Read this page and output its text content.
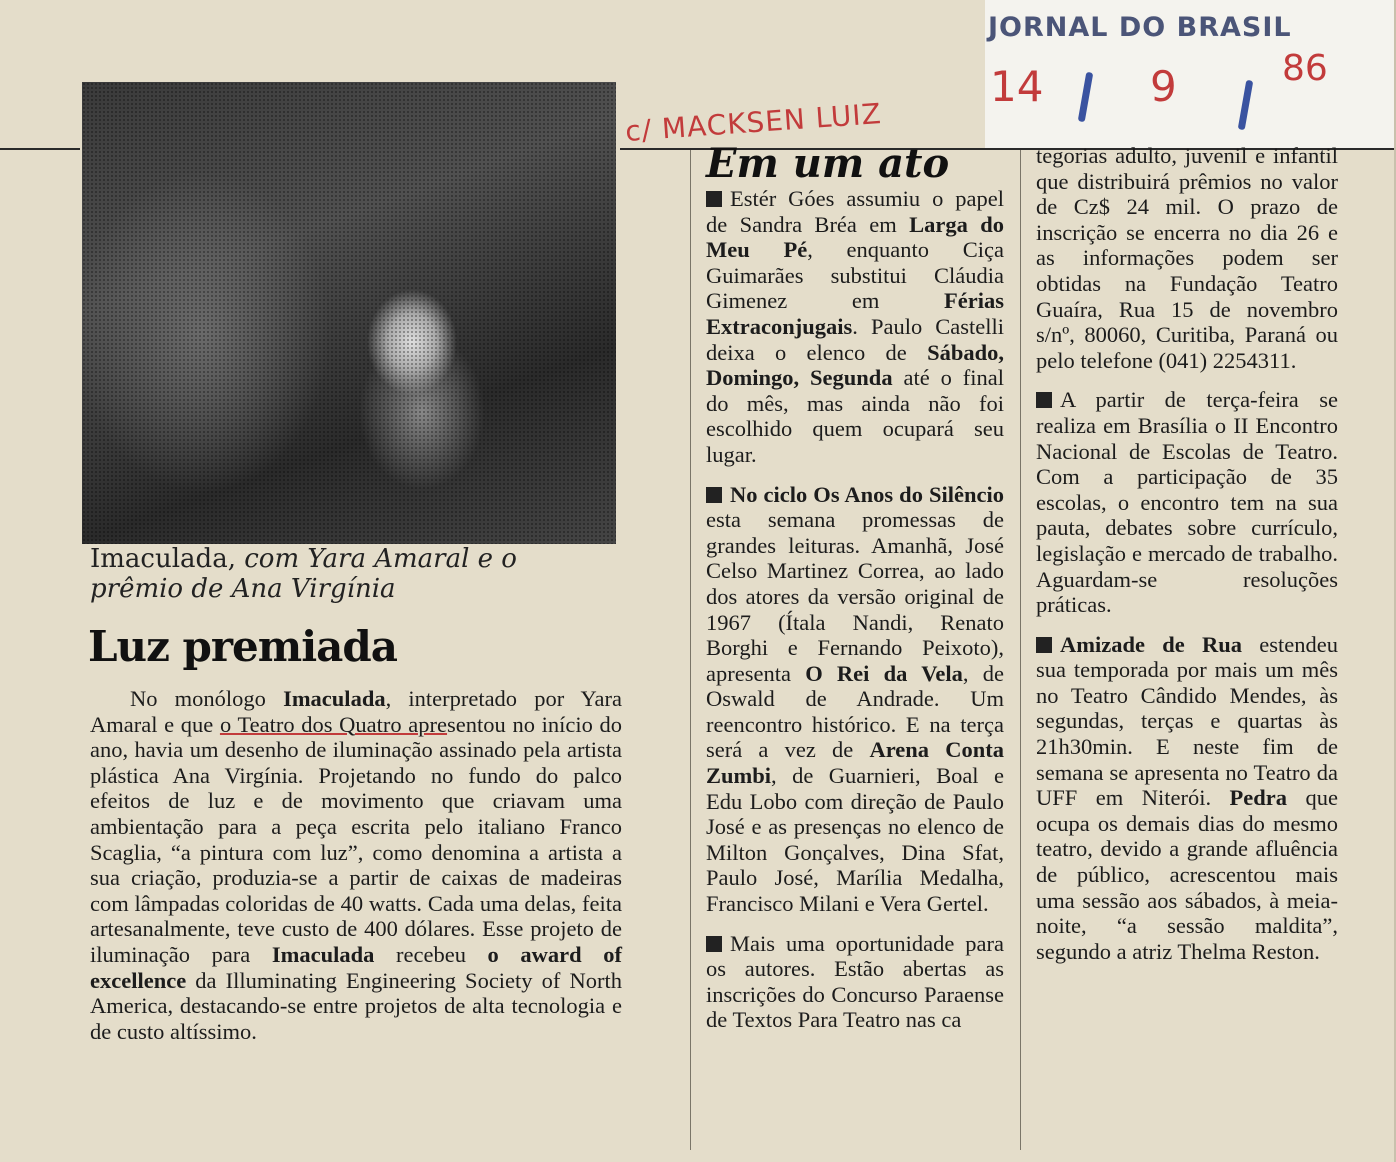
JORNAL DO BRASIL
14	9	86
c/ MACKSEN LUIZ
Imaculada, com Yara Amaral e o prêmio de Ana Virgínia
Luz premiada

No monólogo Imaculada, interpretado por Yara Amaral e que o Teatro dos Quatro apresentou no início do ano, havia um desenho de iluminação assinado pela artista plástica Ana Virgínia. Projetando no fundo do palco efeitos de luz e de movimento que criavam uma ambientação para a peça escrita pelo italiano Franco Scaglia, “a pintura com luz”, como denomina a artista a sua criação, produzia-se a partir de caixas de madeiras com lâmpadas coloridas de 40 watts. Cada uma delas, feita artesanalmente, teve custo de 400 dólares. Esse projeto de iluminação para Imaculada recebeu o award of excellence da Illuminating Engineering Society of North America, destacando-se entre projetos de alta tecnologia e de custo altíssimo.

Em um ato

Estér Góes assumiu o papel de Sandra Bréa em Larga do Meu Pé, enquanto Ciça Guimarães substitui Cláudia Gimenez em Férias Extraconjugais. Paulo Castelli deixa o elenco de Sábado, Domingo, Segunda até o final do mês, mas ainda não foi escolhido quem ocupará seu lugar.

No ciclo Os Anos do Silêncio esta semana promessas de grandes leituras. Amanhã, José Celso Martinez Correa, ao lado dos atores da versão original de 1967 (Ítala Nandi, Renato Borghi e Fernando Peixoto), apresenta O Rei da Vela, de Oswald de Andrade. Um reencontro histórico. E na terça será a vez de Arena Conta Zumbi, de Guarnieri, Boal e Edu Lobo com direção de Paulo José e as presenças no elenco de Milton Gonçalves, Dina Sfat, Paulo José, Marília Medalha, Francisco Milani e Vera Gertel.

Mais uma oportunidade para os autores. Estão abertas as inscrições do Concurso Paraense de Textos Para Teatro nas ca

tegorias adulto, juvenil e infantil que distribuirá prêmios no valor de Cz$ 24 mil. O prazo de inscrição se encerra no dia 26 e as informações podem ser obtidas na Fundação Teatro Guaíra, Rua 15 de novembro s/nº, 80060, Curitiba, Paraná ou pelo telefone (041) 2254311.

A partir de terça-feira se realiza em Brasília o II Encontro Nacional de Escolas de Teatro. Com a participação de 35 escolas, o encontro tem na sua pauta, debates sobre currículo, legislação e mercado de trabalho. Aguardam-se resoluções práticas.

Amizade de Rua estendeu sua temporada por mais um mês no Teatro Cândido Mendes, às segundas, terças e quartas às 21h30min. E neste fim de semana se apresenta no Teatro da UFF em Niterói. Pedra que ocupa os demais dias do mesmo teatro, devido a grande afluência de público, acrescentou mais uma sessão aos sábados, à meia-noite, “a sessão maldita”, segundo a atriz Thelma Reston.
